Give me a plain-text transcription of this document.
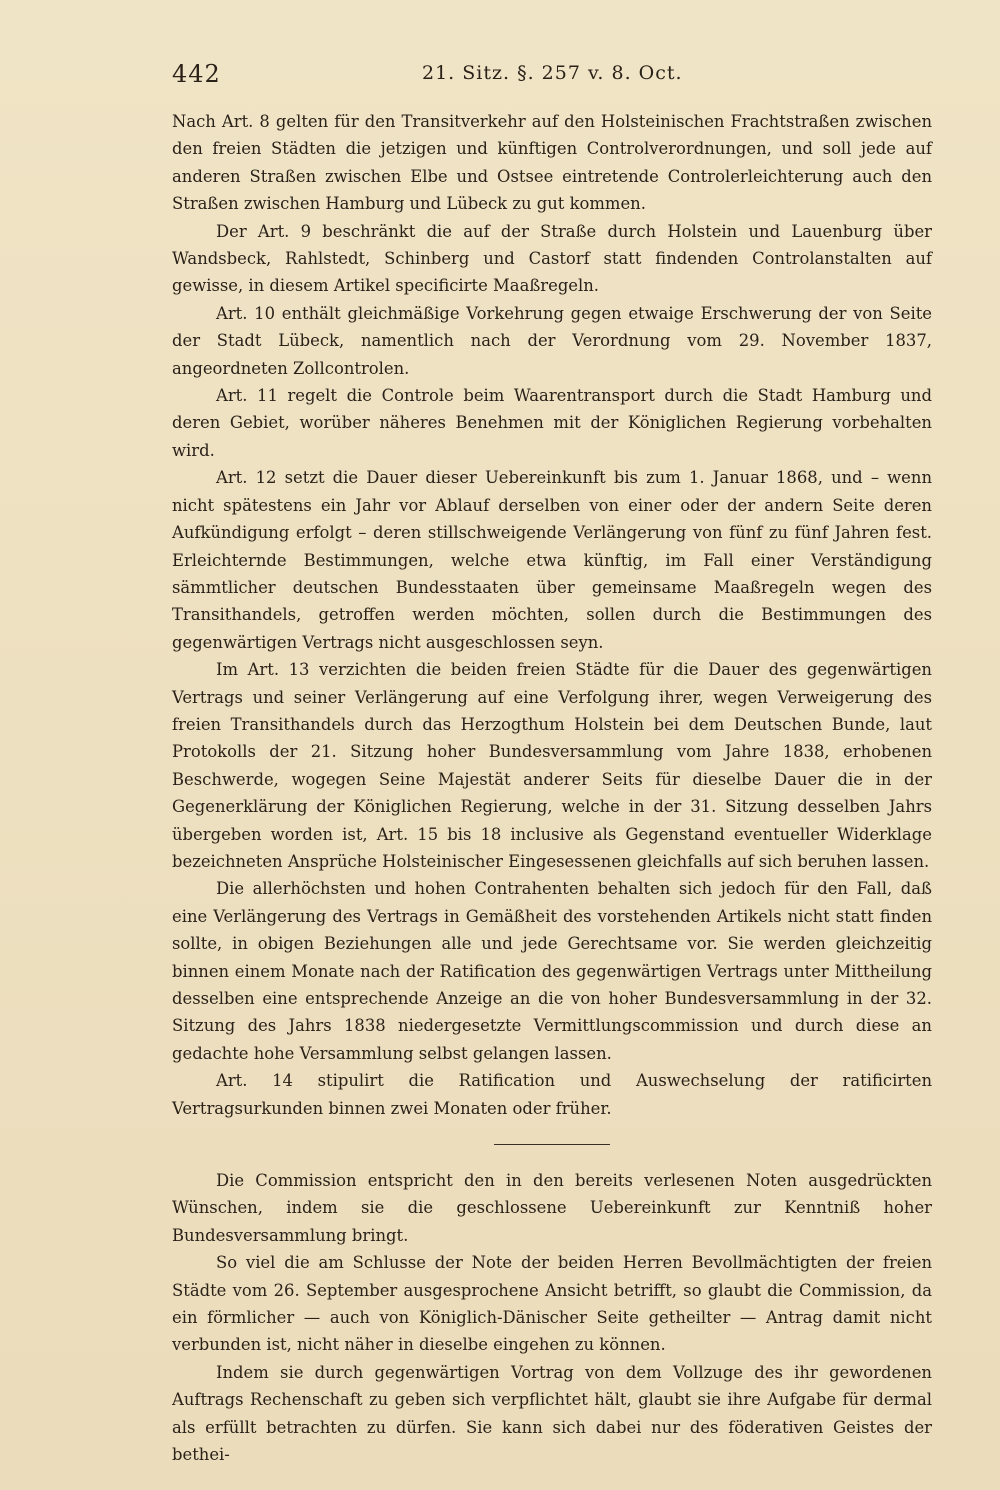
442	21. Sitz. §. 257 v. 8. Oct.

Nach Art. 8 gelten für den Transitverkehr auf den Holsteinischen Frachtstraßen zwischen den freien Städten die jetzigen und künftigen Controlverordnungen, und soll jede auf anderen Straßen zwischen Elbe und Ostsee eintretende Controlerleichterung auch den Straßen zwischen Hamburg und Lübeck zu gut kommen.

Der Art. 9 beschränkt die auf der Straße durch Holstein und Lauenburg über Wandsbeck, Rahlstedt, Schinberg und Castorf statt findenden Controlanstalten auf gewisse, in diesem Artikel specificirte Maaßregeln.

Art. 10 enthält gleichmäßige Vorkehrung gegen etwaige Erschwerung der von Seite der Stadt Lübeck, namentlich nach der Verordnung vom 29. November 1837, angeordneten Zollcontrolen.

Art. 11 regelt die Controle beim Waarentransport durch die Stadt Hamburg und deren Gebiet, worüber näheres Benehmen mit der Königlichen Regierung vorbehalten wird.

Art. 12 setzt die Dauer dieser Uebereinkunft bis zum 1. Januar 1868, und – wenn nicht spätestens ein Jahr vor Ablauf derselben von einer oder der andern Seite deren Aufkündigung erfolgt – deren stillschweigende Verlängerung von fünf zu fünf Jahren fest. Erleichternde Bestimmungen, welche etwa künftig, im Fall einer Verständigung sämmtlicher deutschen Bundesstaaten über gemeinsame Maaßregeln wegen des Transithandels, getroffen werden möchten, sollen durch die Bestimmungen des gegenwärtigen Vertrags nicht ausgeschlossen seyn.

Im Art. 13 verzichten die beiden freien Städte für die Dauer des gegenwärtigen Vertrags und seiner Verlängerung auf eine Verfolgung ihrer, wegen Verweigerung des freien Transithandels durch das Herzogthum Holstein bei dem Deutschen Bunde, laut Protokolls der 21. Sitzung hoher Bundesversammlung vom Jahre 1838, erhobenen Beschwerde, wogegen Seine Majestät anderer Seits für dieselbe Dauer die in der Gegenerklärung der Königlichen Regierung, welche in der 31. Sitzung desselben Jahrs übergeben worden ist, Art. 15 bis 18 inclusive als Gegenstand eventueller Widerklage bezeichneten Ansprüche Holsteinischer Eingesessenen gleichfalls auf sich beruhen lassen.

Die allerhöchsten und hohen Contrahenten behalten sich jedoch für den Fall, daß eine Verlängerung des Vertrags in Gemäßheit des vorstehenden Artikels nicht statt finden sollte, in obigen Beziehungen alle und jede Gerechtsame vor. Sie werden gleichzeitig binnen einem Monate nach der Ratification des gegenwärtigen Vertrags unter Mittheilung desselben eine entsprechende Anzeige an die von hoher Bundesversammlung in der 32. Sitzung des Jahrs 1838 niedergesetzte Vermittlungscommission und durch diese an gedachte hohe Versammlung selbst gelangen lassen.

Art. 14 stipulirt die Ratification und Auswechselung der ratificirten Vertragsurkunden binnen zwei Monaten oder früher.

Die Commission entspricht den in den bereits verlesenen Noten ausgedrückten Wünschen, indem sie die geschlossene Uebereinkunft zur Kenntniß hoher Bundesversammlung bringt.

So viel die am Schlusse der Note der beiden Herren Bevollmächtigten der freien Städte vom 26. September ausgesprochene Ansicht betrifft, so glaubt die Commission, da ein förmlicher — auch von Königlich-Dänischer Seite getheilter — Antrag damit nicht verbunden ist, nicht näher in dieselbe eingehen zu können.

Indem sie durch gegenwärtigen Vortrag von dem Vollzuge des ihr gewordenen Auftrags Rechenschaft zu geben sich verpflichtet hält, glaubt sie ihre Aufgabe für dermal als erfüllt betrachten zu dürfen. Sie kann sich dabei nur des föderativen Geistes der bethei-
